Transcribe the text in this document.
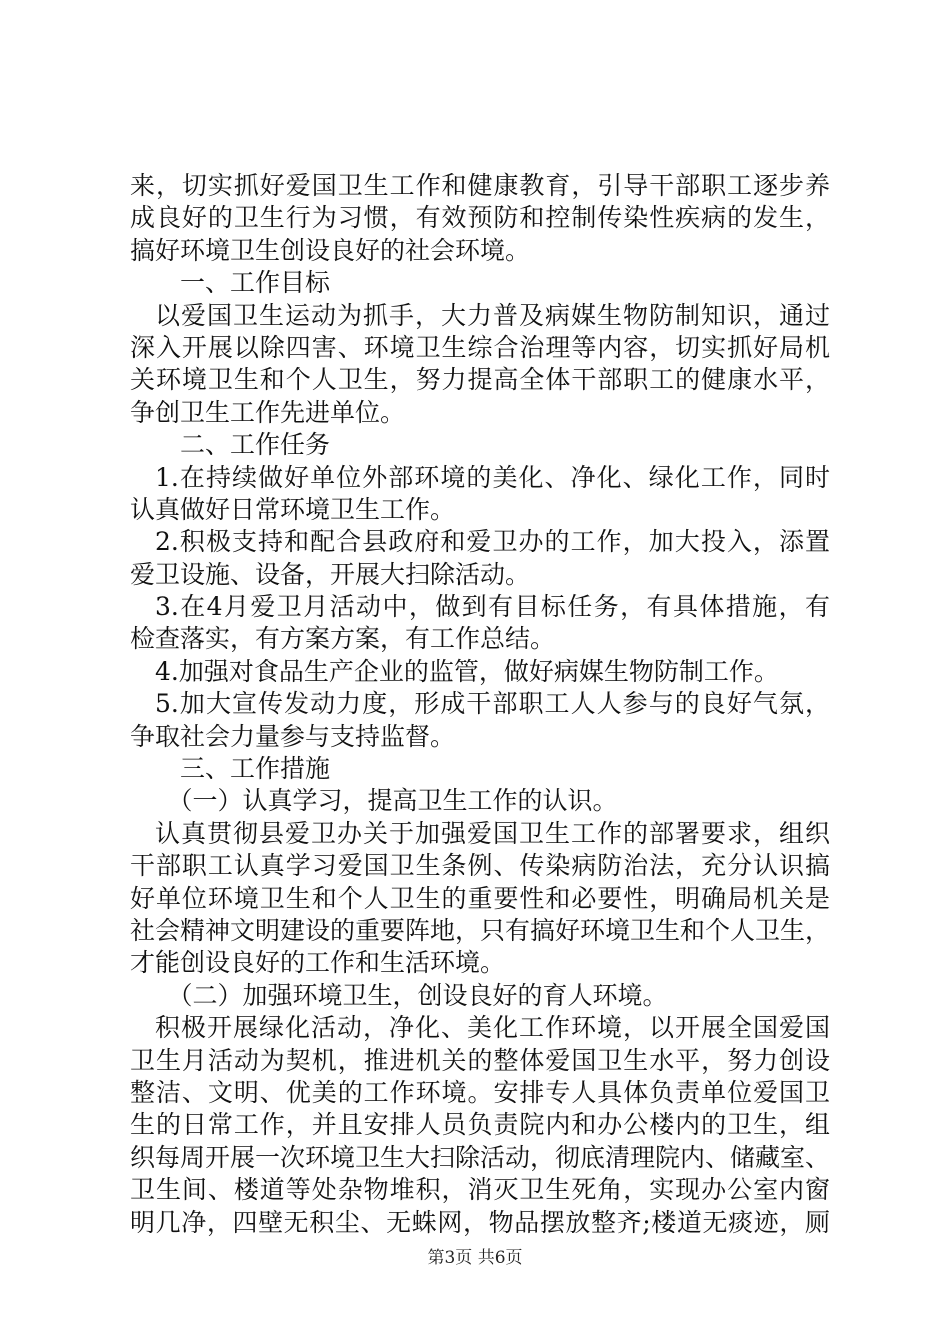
来，切实抓好爱国卫生工作和健康教育，引导干部职工逐步养
成良好的卫生行为习惯，有效预防和控制传染性疾病的发生，
搞好环境卫生创设良好的社会环境。
一、工作目标
以爱国卫生运动为抓手，大力普及病媒生物防制知识，通过
深入开展以除四害、环境卫生综合治理等内容，切实抓好局机
关环境卫生和个人卫生，努力提高全体干部职工的健康水平，
争创卫生工作先进单位。
二、工作任务
1.在持续做好单位外部环境的美化、净化、绿化工作，同时
认真做好日常环境卫生工作。
2.积极支持和配合县政府和爱卫办的工作，加大投入，添置
爱卫设施、设备，开展大扫除活动。
3.在4月爱卫月活动中，做到有目标任务，有具体措施，有
检查落实，有方案方案，有工作总结。
4.加强对食品生产企业的监管，做好病媒生物防制工作。
5.加大宣传发动力度，形成干部职工人人参与的良好气氛，
争取社会力量参与支持监督。
三、工作措施
（一）认真学习，提高卫生工作的认识。
认真贯彻县爱卫办关于加强爱国卫生工作的部署要求，组织
干部职工认真学习爱国卫生条例、传染病防治法，充分认识搞
好单位环境卫生和个人卫生的重要性和必要性，明确局机关是
社会精神文明建设的重要阵地，只有搞好环境卫生和个人卫生，
才能创设良好的工作和生活环境。
（二）加强环境卫生，创设良好的育人环境。
积极开展绿化活动，净化、美化工作环境，以开展全国爱国
卫生月活动为契机，推进机关的整体爱国卫生水平，努力创设
整洁、文明、优美的工作环境。安排专人具体负责单位爱国卫
生的日常工作，并且安排人员负责院内和办公楼内的卫生，组
织每周开展一次环境卫生大扫除活动，彻底清理院内、储藏室、
卫生间、楼道等处杂物堆积，消灭卫生死角，实现办公室内窗
明几净，四壁无积尘、无蛛网，物品摆放整齐;楼道无痰迹，厕
第3页 共6页
